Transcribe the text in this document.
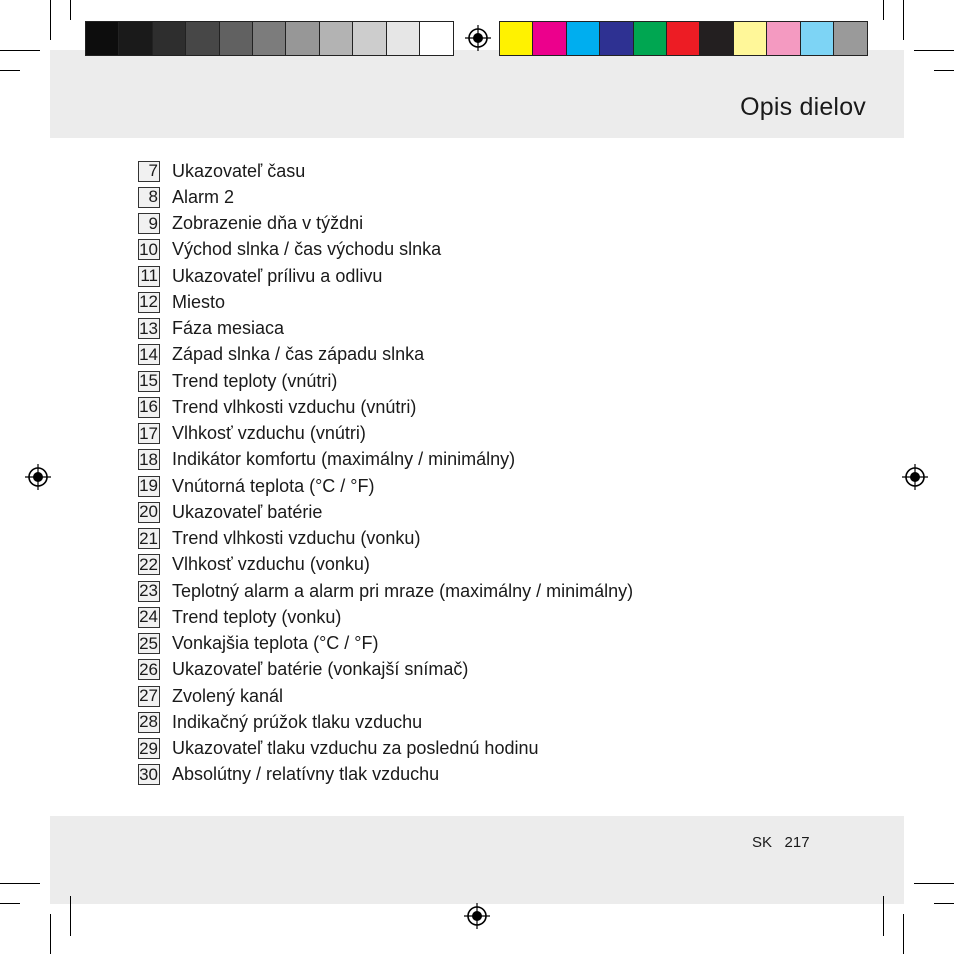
Opis dielov
7 Ukazovateľ času
8 Alarm 2
9 Zobrazenie dňa v týždni
10 Východ slnka / čas východu slnka
11 Ukazovateľ prílivu a odlivu
12 Miesto
13 Fáza mesiaca
14 Západ slnka / čas západu slnka
15 Trend teploty (vnútri)
16 Trend vlhkosti vzduchu (vnútri)
17 Vlhkosť vzduchu (vnútri)
18 Indikátor komfortu (maximálny / minimálny)
19 Vnútorná teplota (°C / °F)
20 Ukazovateľ batérie
21 Trend vlhkosti vzduchu (vonku)
22 Vlhkosť vzduchu (vonku)
23 Teplotný alarm a alarm pri mraze (maximálny / minimálny)
24 Trend teploty (vonku)
25 Vonkajšia teplota (°C / °F)
26 Ukazovateľ batérie (vonkajší snímač)
27 Zvolený kanál
28 Indikačný prúžok tlaku vzduchu
29 Ukazovateľ tlaku vzduchu za poslednú hodinu
30 Absolútny / relatívny tlak vzduchu
SK   217
